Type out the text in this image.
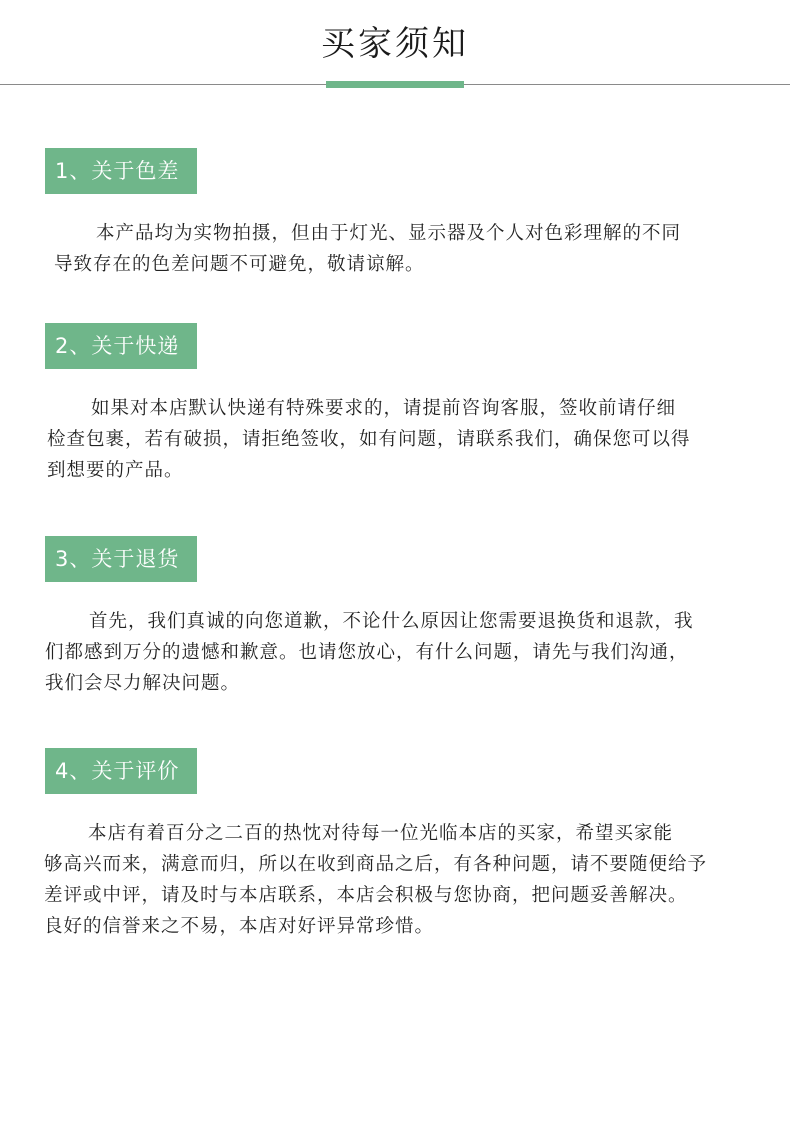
买家须知
1、关于色差
本产品均为实物拍摄，但由于灯光、显示器及个人对色彩理解的不同
导致存在的色差问题不可避免，敬请谅解。
2、关于快递
如果对本店默认快递有特殊要求的，请提前咨询客服，签收前请仔细
检查包裹，若有破损，请拒绝签收，如有问题，请联系我们，确保您可以得
到想要的产品。
3、关于退货
首先，我们真诚的向您道歉，不论什么原因让您需要退换货和退款，我
们都感到万分的遗憾和歉意。也请您放心，有什么问题，请先与我们沟通，
我们会尽力解决问题。
4、关于评价
本店有着百分之二百的热忱对待每一位光临本店的买家，希望买家能
够高兴而来，满意而归，所以在收到商品之后，有各种问题，请不要随便给予
差评或中评，请及时与本店联系，本店会积极与您协商，把问题妥善解决。
良好的信誉来之不易，本店对好评异常珍惜。
